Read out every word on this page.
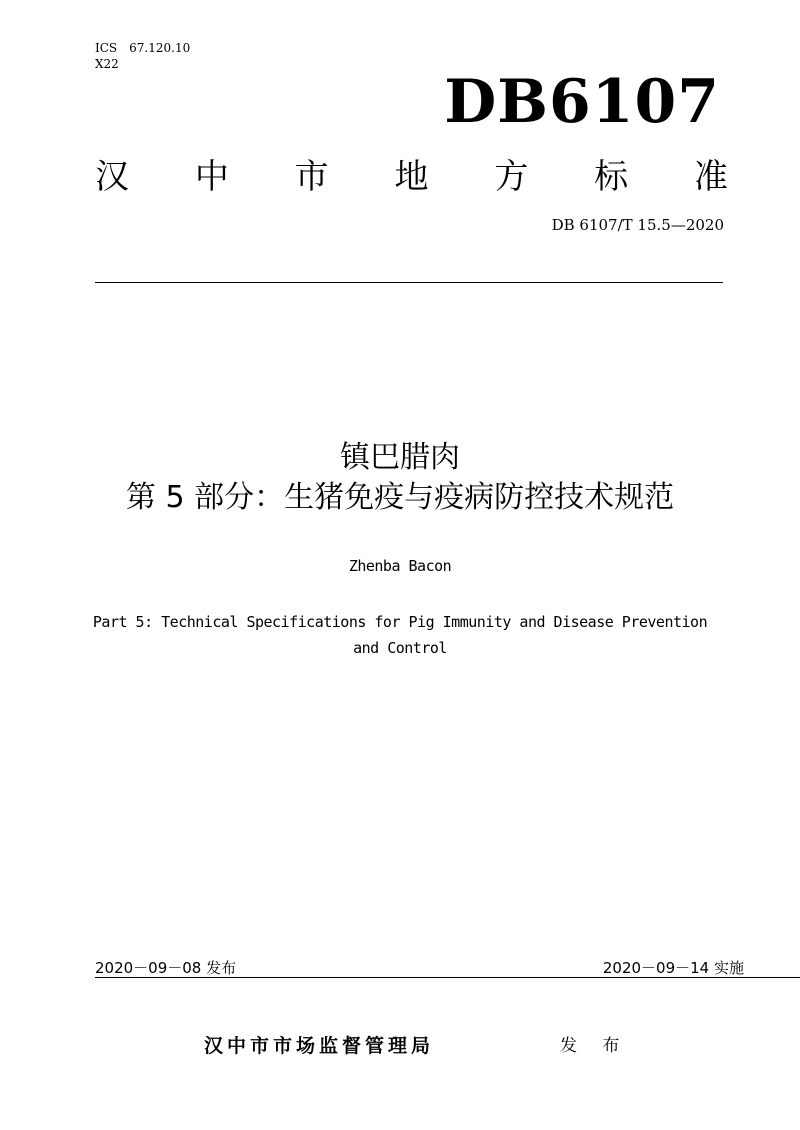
ICS 67.120.10
X22
DB6107
汉 中 市 地 方 标 准
DB 6107/T 15.5—2020
镇巴腊肉
第 5 部分：生猪免疫与疫病防控技术规范
Zhenba Bacon
Part 5: Technical Specifications for Pig Immunity and Disease Prevention
and Control
2020－09－08 发布	2020－09－14 实施
汉中市市场监督管理局	发 布
